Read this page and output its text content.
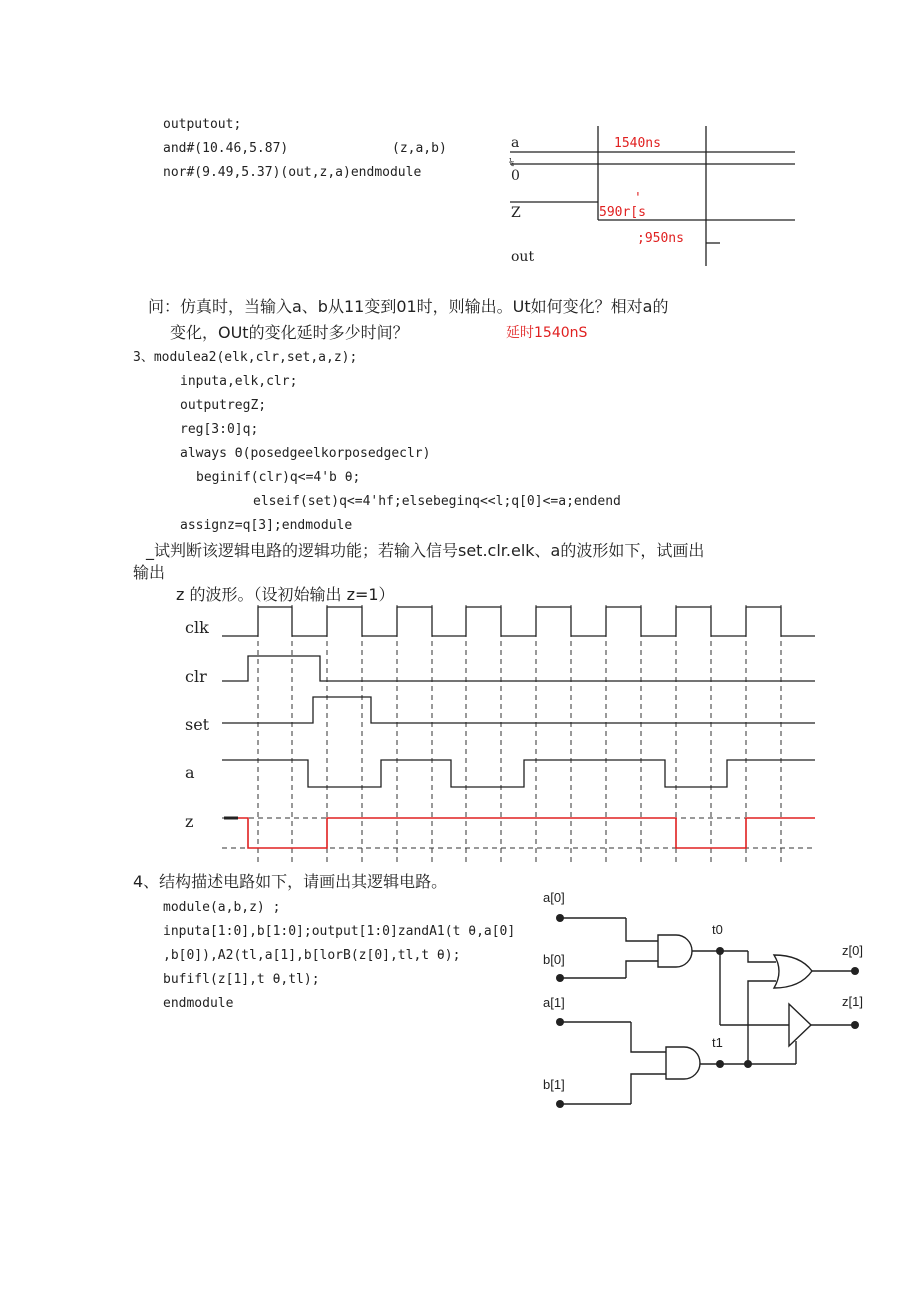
outputout;
and#(10.46,5.87)	(z,a,b)
nor#(9.49,5.37)(out,z,a)endmodule
a
¼
0
Z
out
1540ns
'
590r[s
;950ns
问：仿真时，当输入a、b从11变到01时，则输出。Ut如何变化？相对a的
变化，OUt的变化延时多少时间？	延时1540nS
3、modulea2(elk,clr,set,a,z);
inputa,elk,clr;
outputregZ;
reg[3:0]q;
always Θ(posedgeelkorposedgeclr)
beginif(clr)q<=4'b θ;
elseif(set)q<=4'hf;elsebeginq<<l;q[0]<=a;endend
assignz=q[3];endmodule
_试判断该逻辑电路的逻辑功能；若输入信号set.clr.elk、a的波形如下，试画出
输出
z 的波形。（设初始输出 z=1）
clk
clr
set
a
z
4、结构描述电路如下，请画出其逻辑电路。
module(a,b,z) ;
inputa[1:0],b[1:0];output[1:0]zandA1(t θ,a[0]
,b[0]),A2(tl,a[1],b[lorB(z[0],tl,t θ);
bufifl(z[1],t θ,tl);
endmodule
a[0]
b[0]
a[1]
b[1]
t0
t1
z[0]
z[1]
